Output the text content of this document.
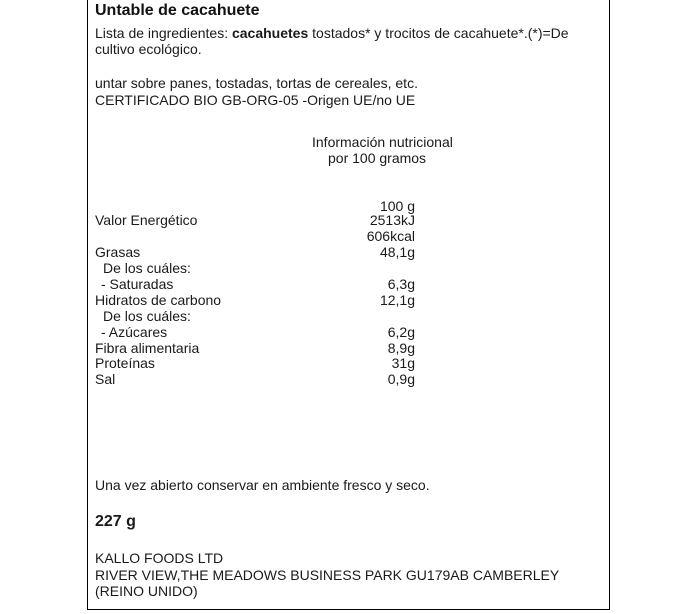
Untable de cacahuete
Lista de ingredientes: cacahuetes tostados* y trocitos de cacahuete*.(*)=De
cultivo ecológico.
untar sobre panes, tostadas, tortas de cereales, etc.
CERTIFICADO BIO GB-ORG-05 -Origen UE/no UE
Información nutricional
por 100 gramos
100 g
Valor Energético	2513kJ
606kcal
Grasas	48,1g
De los cuáles:
- Saturadas	6,3g
Hidratos de carbono	12,1g
De los cuáles:
- Azúcares	6,2g
Fibra alimentaria	8,9g
Proteínas	31g
Sal	0,9g
Una vez abierto conservar en ambiente fresco y seco.
227 g
KALLO FOODS LTD
RIVER VIEW,THE MEADOWS BUSINESS PARK GU179AB CAMBERLEY
(REINO UNIDO)
